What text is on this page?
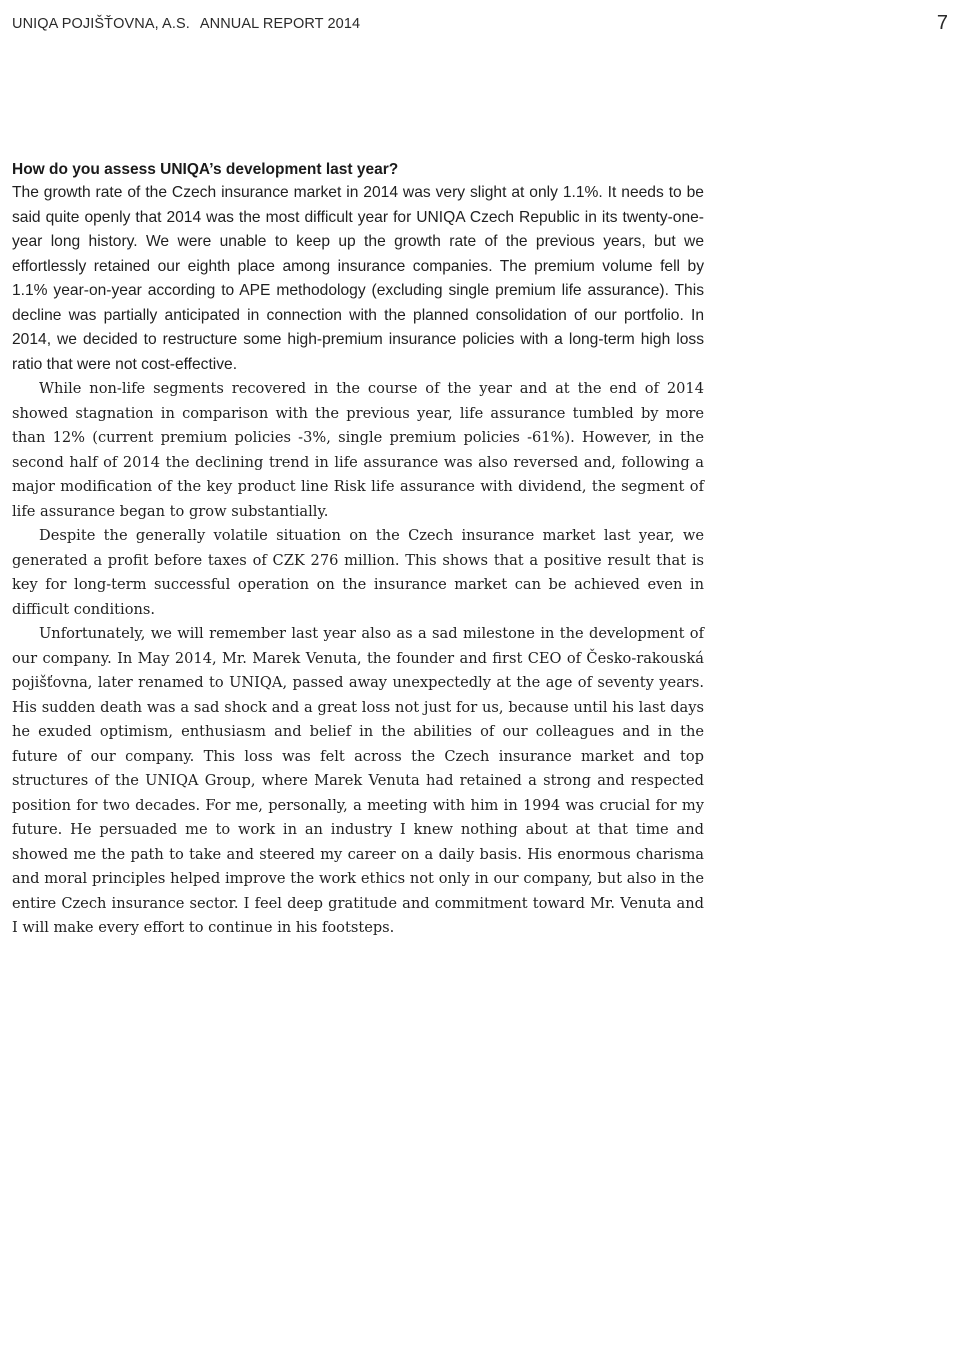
UNIQA POJIŠŤOVNA, A.S. ANNUAL REPORT 2014	7

How do you assess UNIQA’s development last year?

The growth rate of the Czech insurance market in 2014 was very slight at only 1.1%. It needs to be said quite openly that 2014 was the most difficult year for UNIQA Czech Republic in its twenty-one-year long history. We were unable to keep up the growth rate of the previous years, but we effortlessly retained our eighth place among insurance companies. The premium volume fell by 1.1% year-on-year according to APE methodology (excluding single premium life assurance). This decline was partially anticipated in connection with the planned consolidation of our portfolio. In 2014, we decided to restructure some high-premium insurance policies with a long-term high loss ratio that were not cost-effective.

While non-life segments recovered in the course of the year and at the end of 2014 showed stagnation in comparison with the previous year, life assurance tumbled by more than 12% (current premium policies -3%, single premium policies -61%). However, in the second half of 2014 the declining trend in life assurance was also reversed and, following a major modification of the key product line Risk life assurance with dividend, the segment of life assurance began to grow substantially.

Despite the generally volatile situation on the Czech insurance market last year, we generated a profit before taxes of CZK 276 million. This shows that a positive result that is key for long-term successful operation on the insurance market can be achieved even in difficult conditions.

Unfortunately, we will remember last year also as a sad milestone in the development of our company. In May 2014, Mr. Marek Venuta, the founder and first CEO of Česko-rakouská pojišťovna, later renamed to UNIQA, passed away unexpectedly at the age of seventy years. His sudden death was a sad shock and a great loss not just for us, because until his last days he exuded optimism, enthusiasm and belief in the abilities of our colleagues and in the future of our company. This loss was felt across the Czech insurance market and top structures of the UNIQA Group, where Marek Venuta had retained a strong and respected position for two decades. For me, personally, a meeting with him in 1994 was crucial for my future. He persuaded me to work in an industry I knew nothing about at that time and showed me the path to take and steered my career on a daily basis. His enormous charisma and moral principles helped improve the work ethics not only in our company, but also in the entire Czech insurance sector. I feel deep gratitude and commitment toward Mr. Venuta and I will make every effort to continue in his footsteps.
